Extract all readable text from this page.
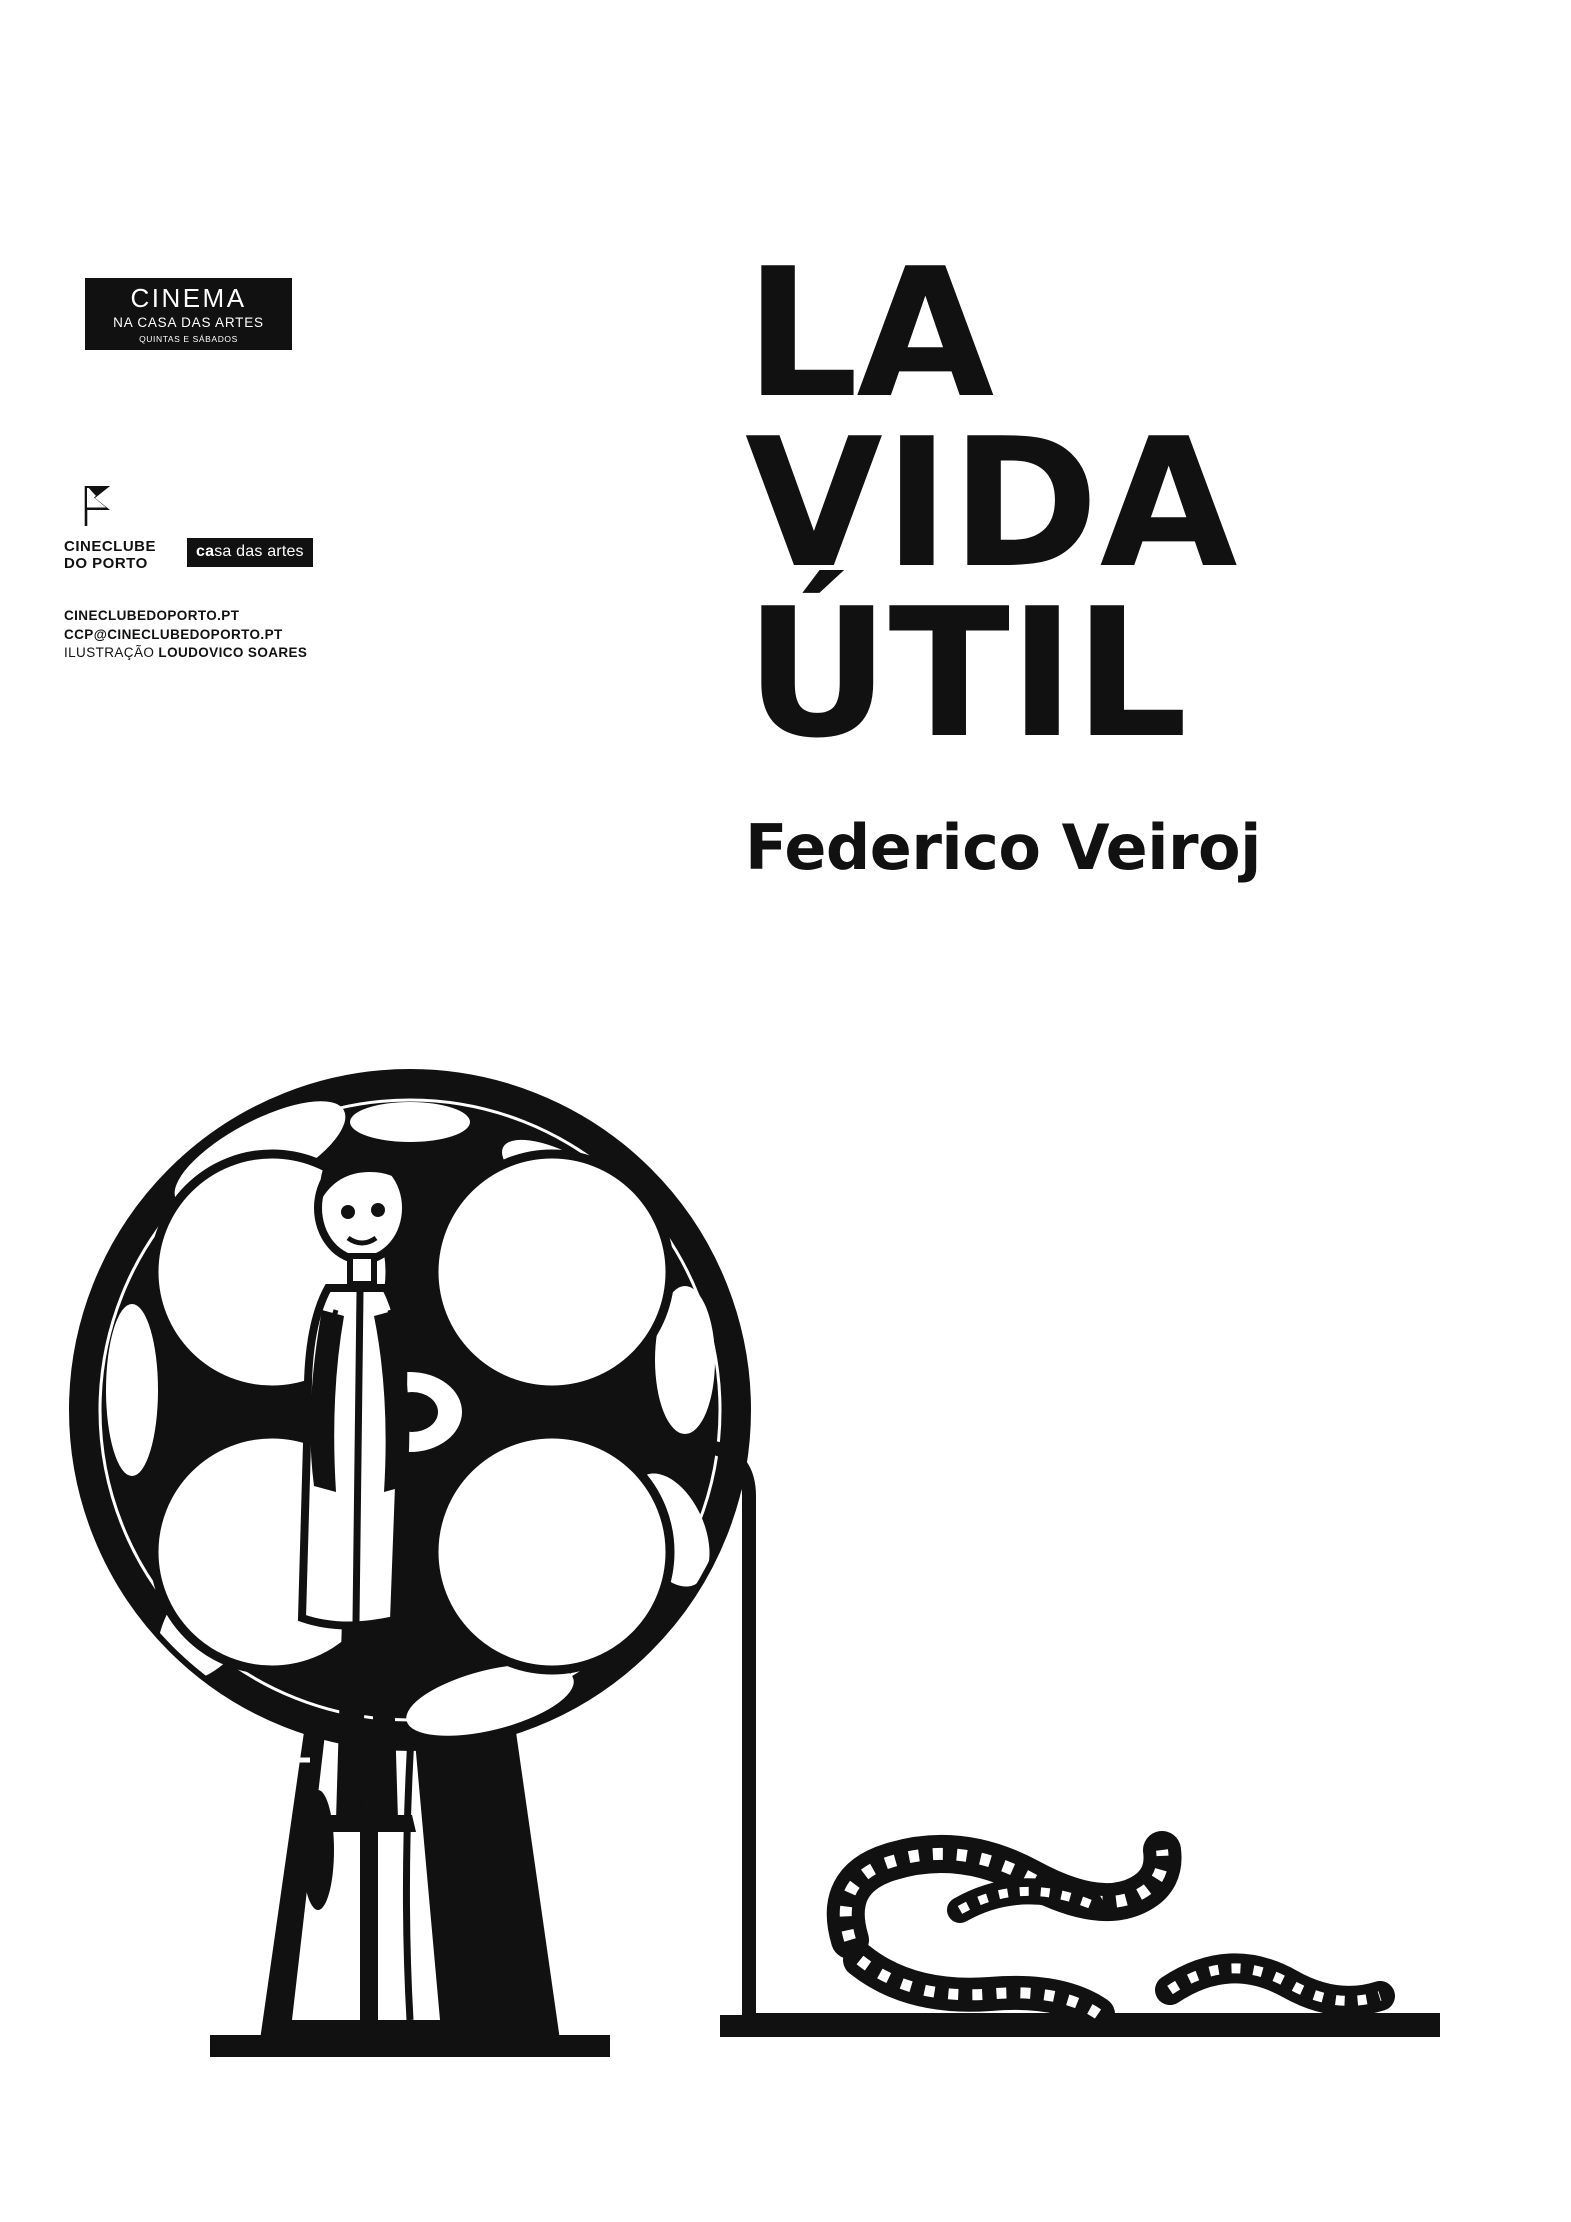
CINEMA
NA CASA DAS ARTES
QUINTAS E SÁBADOS
CINECLUBE
DO PORTO
casa das artes
CINECLUBEDOPORTO.PT
CCP@CINECLUBEDOPORTO.PT
ILUSTRAÇÃO LOUDOVICO SOARES
LA
VIDA
ÚTIL
Federico Veiroj
